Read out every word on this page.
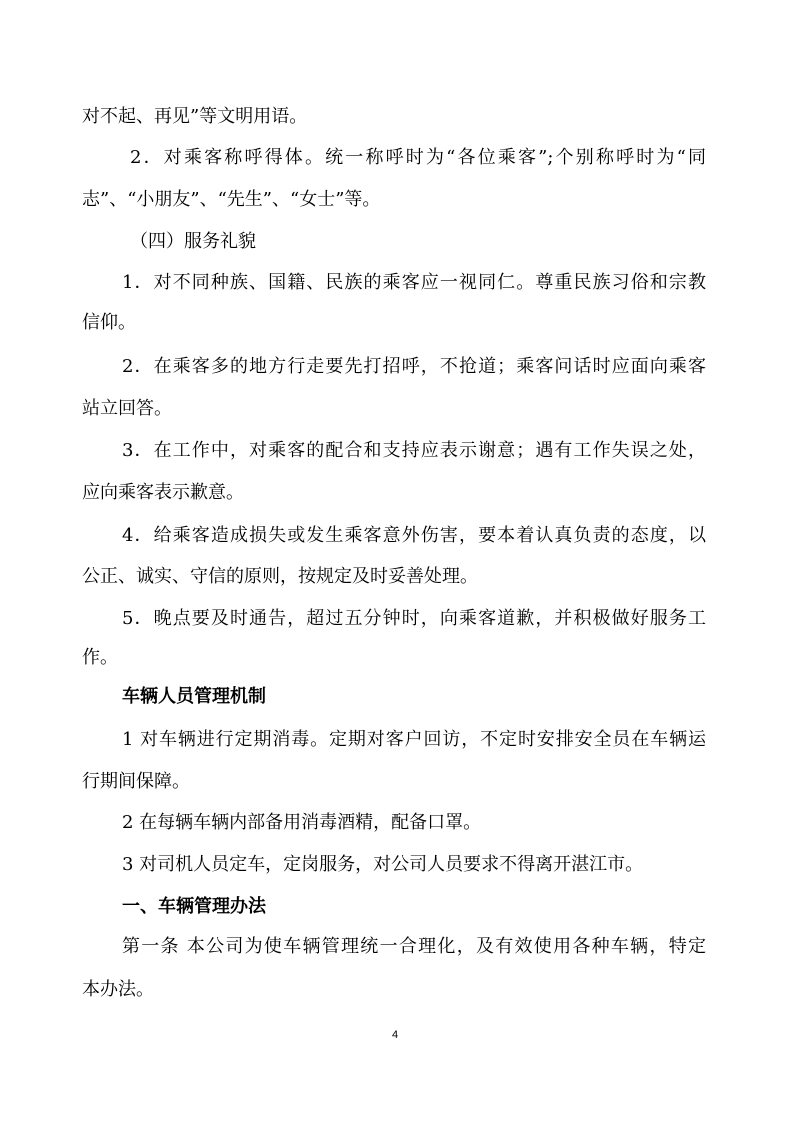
对不起、再见”等文明用语。
2．对乘客称呼得体。统一称呼时为“各位乘客”;个别称呼时为“同
志”、“小朋友”、“先生”、“女士”等。
（四）服务礼貌
1．对不同种族、国籍、民族的乘客应一视同仁。尊重民族习俗和宗教
信仰。
2．在乘客多的地方行走要先打招呼，不抢道；乘客问话时应面向乘客
站立回答。
3．在工作中，对乘客的配合和支持应表示谢意；遇有工作失误之处，
应向乘客表示歉意。
4．给乘客造成损失或发生乘客意外伤害，要本着认真负责的态度，以
公正、诚实、守信的原则，按规定及时妥善处理。
5．晚点要及时通告，超过五分钟时，向乘客道歉，并积极做好服务工
作。
车辆人员管理机制
1 对车辆进行定期消毒。定期对客户回访，不定时安排安全员在车辆运
行期间保障。
2 在每辆车辆内部备用消毒酒精，配备口罩。
3 对司机人员定车，定岗服务，对公司人员要求不得离开湛江市。
一、车辆管理办法
第一条 本公司为使车辆管理统一合理化，及有效使用各种车辆，特定
本办法。
4
